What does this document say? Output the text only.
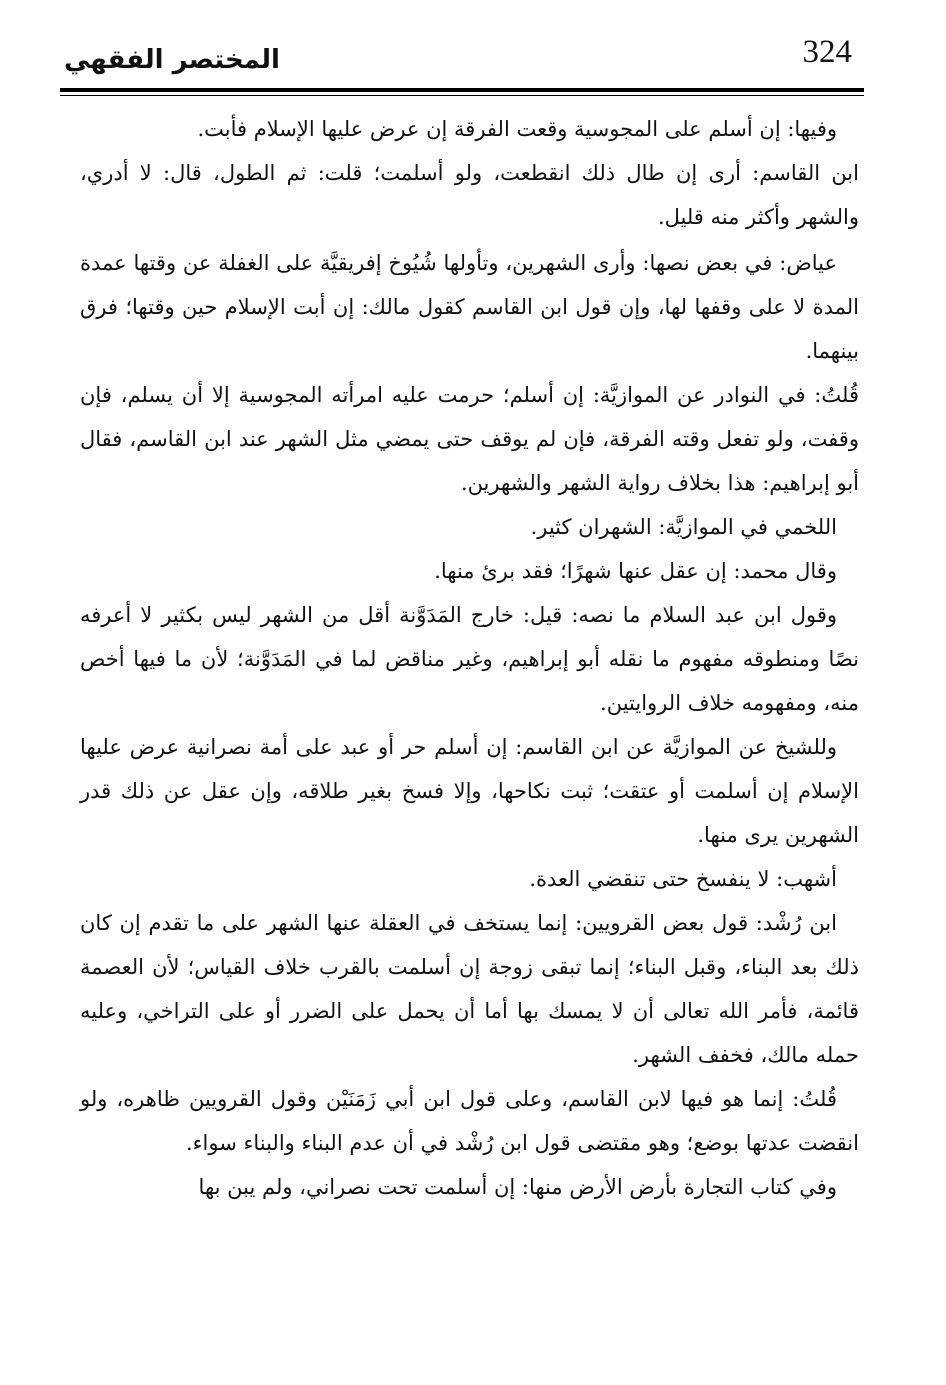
324
المختصر الفقهي

وفيها: إن أسلم على المجوسية وقعت الفرقة إن عرض عليها الإسلام فأبت.

ابن القاسم: أرى إن طال ذلك انقطعت، ولو أسلمت؛ قلت: ثم الطول، قال: لا أدري، والشهر وأكثر منه قليل.

عياض: في بعض نصها: وأرى الشهرين، وتأولها شُيُوخ إفريقيَّة على الغفلة عن وقتها عمدة المدة لا على وقفها لها، وإن قول ابن القاسم كقول مالك: إن أبت الإسلام حين وقتها؛ فرق بينهما.

قُلتُ: في النوادر عن الموازيَّة: إن أسلم؛ حرمت عليه امرأته المجوسية إلا أن يسلم، فإن وقفت، ولو تفعل وقته الفرقة، فإن لم يوقف حتى يمضي مثل الشهر عند ابن القاسم، فقال أبو إبراهيم: هذا بخلاف رواية الشهر والشهرين.

اللخمي في الموازيَّة: الشهران كثير.

وقال محمد: إن عقل عنها شهرًا؛ فقد برئ منها.

وقول ابن عبد السلام ما نصه: قيل: خارج المَدَوَّنة أقل من الشهر ليس بكثير لا أعرفه نصًا ومنطوقه مفهوم ما نقله أبو إبراهيم، وغير مناقض لما في المَدَوَّنة؛ لأن ما فيها أخص منه، ومفهومه خلاف الروايتين.

وللشيخ عن الموازيَّة عن ابن القاسم: إن أسلم حر أو عبد على أمة نصرانية عرض عليها الإسلام إن أسلمت أو عتقت؛ ثبت نكاحها، وإلا فسخ بغير طلاقه، وإن عقل عن ذلك قدر الشهرين يرى منها.

أشهب: لا ينفسخ حتى تنقضي العدة.

ابن رُشْد: قول بعض القرويين: إنما يستخف في العقلة عنها الشهر على ما تقدم إن كان ذلك بعد البناء، وقبل البناء؛ إنما تبقى زوجة إن أسلمت بالقرب خلاف القياس؛ لأن العصمة قائمة، فأمر الله تعالى أن لا يمسك بها أما أن يحمل على الضرر أو على التراخي، وعليه حمله مالك، فخفف الشهر.

قُلتُ: إنما هو فيها لابن القاسم، وعلى قول ابن أبي زَمَنَيْن وقول القرويين ظاهره، ولو انقضت عدتها بوضع؛ وهو مقتضى قول ابن رُشْد في أن عدم البناء والبناء سواء.

وفي كتاب التجارة بأرض الأرض منها: إن أسلمت تحت نصراني، ولم يبن بها
